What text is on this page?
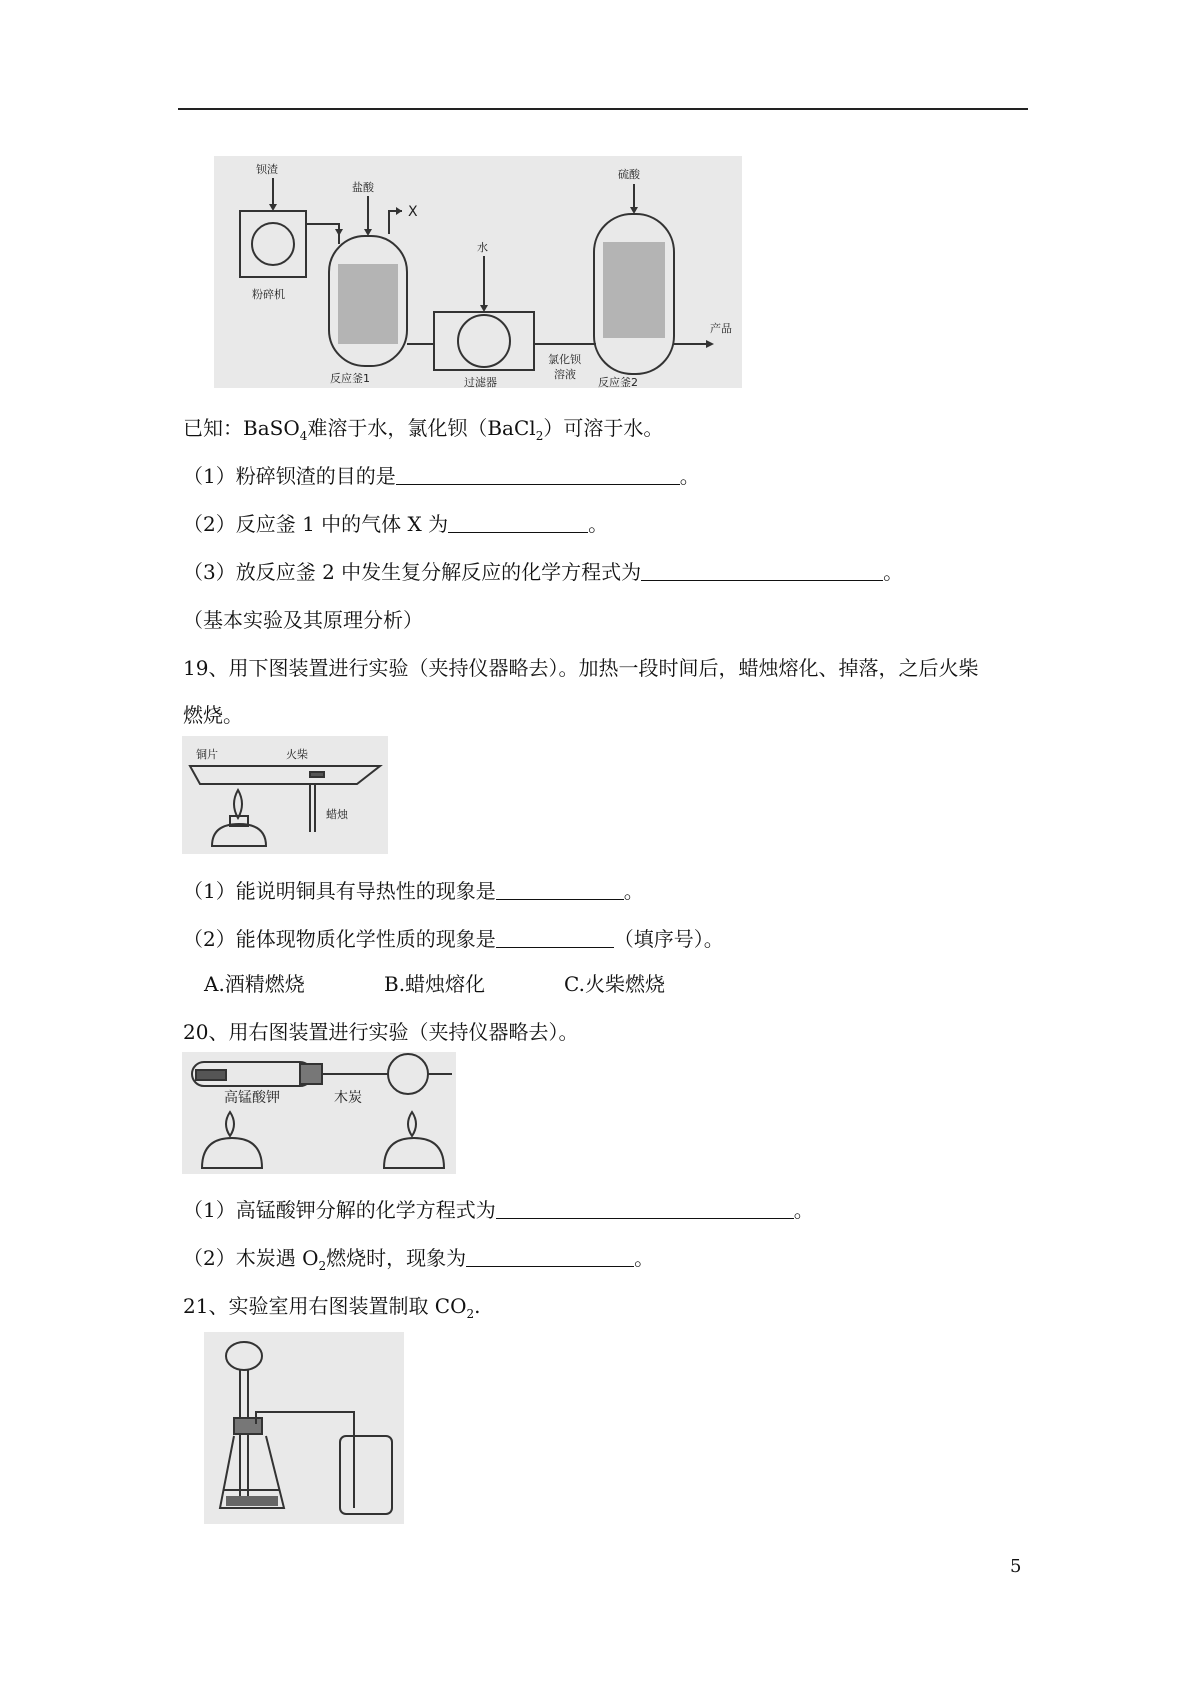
钡渣
粉碎机
盐酸
X
反应釜1
水
过滤器
氯化钡
溶液
硫酸
反应釜2
产品
已知：BaSO$_4$难溶于水，氯化钡（BaCl$_2$）可溶于水。
（1）粉碎钡渣的目的是	。
（2）反应釜 1 中的气体 X 为	。
（3）放反应釜 2 中发生复分解反应的化学方程式为	。
（基本实验及其原理分析）
19、用下图装置进行实验（夹持仪器略去）。加热一段时间后，蜡烛熔化、掉落，之后火柴
燃烧。
铜片	火柴
蜡烛
（1）能说明铜具有导热性的现象是	。
（2）能体现物质化学性质的现象是	（填序号）。
A.酒精燃烧	B.蜡烛熔化	C.火柴燃烧
20、用右图装置进行实验（夹持仪器略去）。
高锰酸钾	木炭
（1）高锰酸钾分解的化学方程式为	。
（2）木炭遇 $O_2$燃烧时，现象为	。
21、实验室用右图装置制取 $CO_2$.
5
